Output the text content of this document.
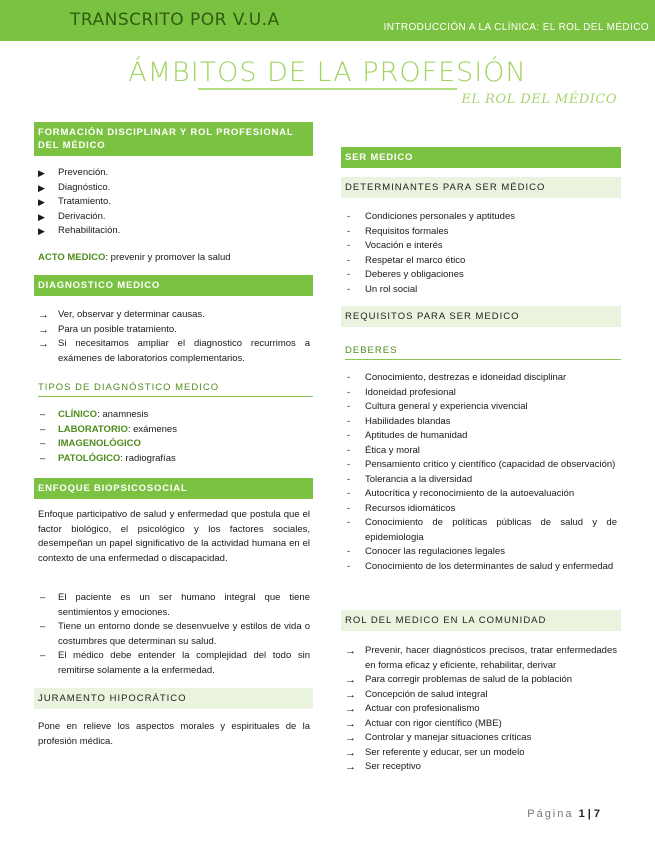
TRANSCRITO POR V.U.A	INTRODUCCIÓN A LA CLÍNICA: EL ROL DEL MÉDICO
ÁMBITOS DE LA PROFESIÓN
EL ROL DEL MÉDICO
FORMACIÓN DISCIPLINAR Y ROL PROFESIONAL DEL MÉDICO
▶ Prevención.
▶ Diagnóstico.
▶ Tratamiento.
▶ Derivación.
▶ Rehabilitación.
ACTO MEDICO: prevenir y promover la salud
DIAGNOSTICO MEDICO
→ Ver, observar y determinar causas.
→ Para un posible tratamiento.
→ Si necesitamos ampliar el diagnostico recurrimos a exámenes de laboratorios complementarios.
TIPOS DE DIAGNÓSTICO MEDICO
– CLÍNICO: anamnesis
– LABORATORIO: exámenes
– IMAGENOLÓGICO
– PATOLÓGICO: radiografías
ENFOQUE BIOPSICOSOCIAL

Enfoque participativo de salud y enfermedad que postula que el factor biológico, el psicológico y los factores sociales, desempeñan un papel significativo de la actividad humana en el contexto de una enfermedad o discapacidad.

– El paciente es un ser humano integral que tiene sentimientos y emociones.
– Tiene un entorno donde se desenvuelve y estilos de vida o costumbres que determinan su salud.
– El médico debe entender la complejidad del todo sin remitirse solamente a la enfermedad.
JURAMENTO HIPOCRÁTICO

Pone en relieve los aspectos morales y espirituales de la profesión médica.

SER MEDICO
DETERMINANTES PARA SER MÉDICO
- Condiciones personales y aptitudes
- Requisitos formales
- Vocación e interés
- Respetar el marco ético
- Deberes y obligaciones
- Un rol social
REQUISITOS PARA SER MEDICO
DEBERES
- Conocimiento, destrezas e idoneidad disciplinar
- Idoneidad profesional
- Cultura general y experiencia vivencial
- Habilidades blandas
- Aptitudes de humanidad
- Ética y moral
- Pensamiento crítico y científico (capacidad de observación)
- Tolerancia a la diversidad
- Autocrítica y reconocimiento de la autoevaluación
- Recursos idiomáticos
- Conocimiento de políticas públicas de salud y de epidemiologia
- Conocer las regulaciones legales
- Conocimiento de los determinantes de salud y enfermedad
ROL DEL MEDICO EN LA COMUNIDAD
→ Prevenir, hacer diagnósticos precisos, tratar enfermedades en forma eficaz y eficiente, rehabilitar, derivar
→ Para corregir problemas de salud de la población
→ Concepción de salud integral
→ Actuar con profesionalismo
→ Actuar con rigor científico (MBE)
→ Controlar y manejar situaciones críticas
→ Ser referente y educar, ser un modelo
→ Ser receptivo
Página 1 | 7
